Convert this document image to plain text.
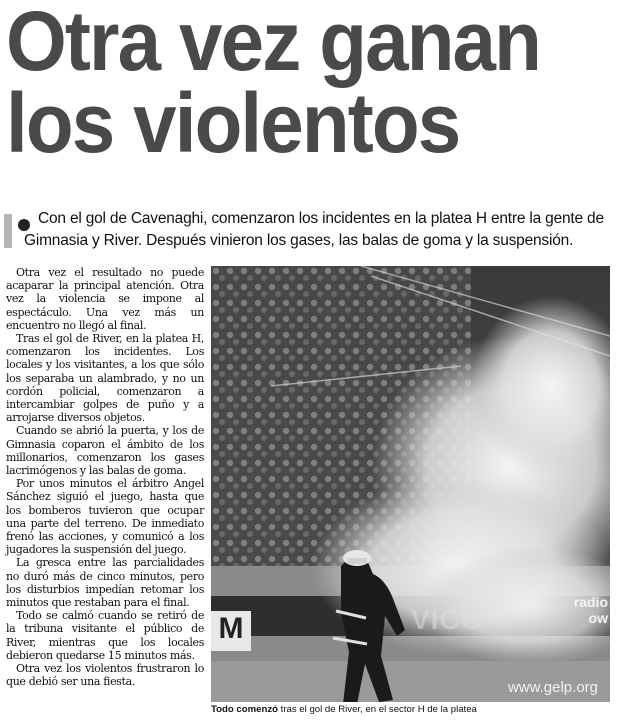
Otra vez ganan
los violentos
Con el gol de Cavenaghi, comenzaron los incidentes en la platea H entre la gente de Gimnasia y River. Después vinieron los gases, las balas de goma y la suspensión.

Otra vez el resultado no puede acaparar la principal atención. Otra vez la violencia se impone al espectáculo. Una vez más un encuentro no llegó al final.

Tras el gol de River, en la platea H, comenzaron los incidentes. Los locales y los visitantes, a los que sólo los separaba un alambrado, y no un cordón policial, comenzaron a intercambiar golpes de puño y a arrojarse diversos objetos.

Cuando se abrió la puerta, y los de Gimnasia coparon el ámbito de los millonarios, comenzaron los gases lacrimógenos y las balas de goma.

Por unos minutos el árbitro Angel Sánchez siguió el juego, hasta que los bomberos tuvieron que ocupar una parte del terreno. De inmediato frenó las acciones, y comunicó a los jugadores la suspensión del juego.

La gresca entre las parcialidades no duró más de cinco minutos, pero los disturbios impedían retomar los minutos que restaban para el final.

Todo se calmó cuando se retiró de la tribuna visitante el público de River, mientras que los locales debieron quedarse 15 minutos más.

Otra vez los violentos frustraron lo que debió ser una fiesta.

M	VICO
radio
ow
www.gelp.org
Todo comenzó tras el gol de River, en el sector H de la platea
